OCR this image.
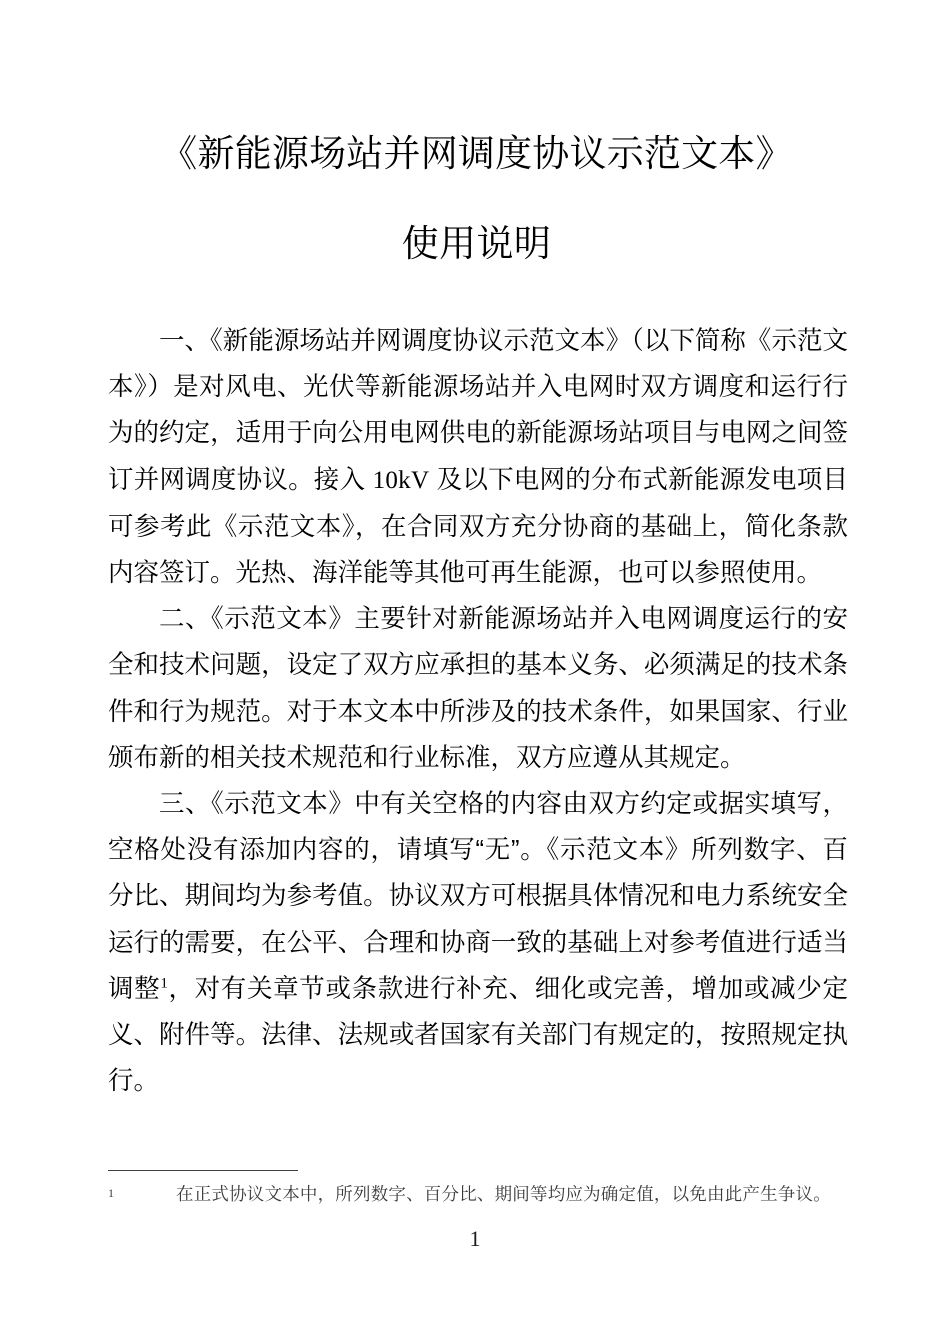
《新能源场站并网调度协议示范文本》
使用说明

一、《新能源场站并网调度协议示范文本》（以下简称《示范文本》）是对风电、光伏等新能源场站并入电网时双方调度和运行行为的约定，适用于向公用电网供电的新能源场站项目与电网之间签订并网调度协议。接入 10kV 及以下电网的分布式新能源发电项目可参考此《示范文本》，在合同双方充分协商的基础上，简化条款内容签订。光热、海洋能等其他可再生能源，也可以参照使用。

二、《示范文本》主要针对新能源场站并入电网调度运行的安全和技术问题，设定了双方应承担的基本义务、必须满足的技术条件和行为规范。对于本文本中所涉及的技术条件，如果国家、行业颁布新的相关技术规范和行业标准，双方应遵从其规定。

三、《示范文本》中有关空格的内容由双方约定或据实填写，空格处没有添加内容的，请填写“无”。《示范文本》所列数字、百分比、期间均为参考值。协议双方可根据具体情况和电力系统安全运行的需要，在公平、合理和协商一致的基础上对参考值进行适当调整$^1$，对有关章节或条款进行补充、细化或完善，增加或减少定义、附件等。法律、法规或者国家有关部门有规定的，按照规定执行。

1	在正式协议文本中，所列数字、百分比、期间等均应为确定值，以免由此产生争议。
1
